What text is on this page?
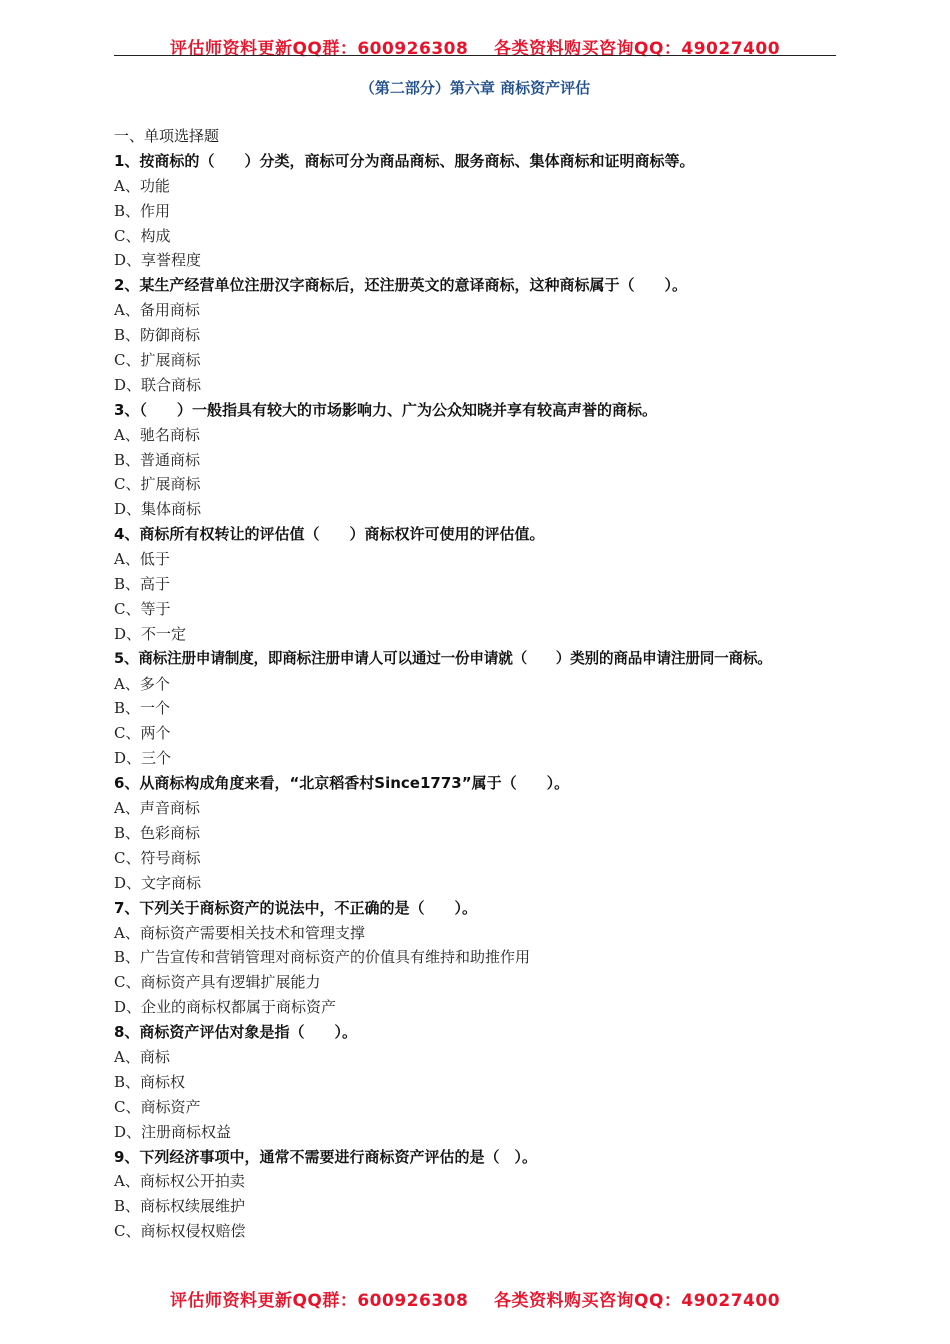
评估师资料更新QQ群：600926308    各类资料购买咨询QQ：49027400
（第二部分）第六章 商标资产评估
一、单项选择题
1、按商标的（　　）分类，商标可分为商品商标、服务商标、集体商标和证明商标等。
A、功能
B、作用
C、构成
D、享誉程度
2、某生产经营单位注册汉字商标后，还注册英文的意译商标，这种商标属于（　　）。
A、备用商标
B、防御商标
C、扩展商标
D、联合商标
3、（　　）一般指具有较大的市场影响力、广为公众知晓并享有较高声誉的商标。
A、驰名商标
B、普通商标
C、扩展商标
D、集体商标
4、商标所有权转让的评估值（　　）商标权许可使用的评估值。
A、低于
B、高于
C、等于
D、不一定
5、商标注册申请制度，即商标注册申请人可以通过一份申请就（　　）类别的商品申请注册同一商标。
A、多个
B、一个
C、两个
D、三个
6、从商标构成角度来看，“北京稻香村Since1773”属于（　　）。
A、声音商标
B、色彩商标
C、符号商标
D、文字商标
7、下列关于商标资产的说法中，不正确的是（　　）。
A、商标资产需要相关技术和管理支撑
B、广告宣传和营销管理对商标资产的价值具有维持和助推作用
C、商标资产具有逻辑扩展能力
D、企业的商标权都属于商标资产
8、商标资产评估对象是指（　　）。
A、商标
B、商标权
C、商标资产
D、注册商标权益
9、下列经济事项中，通常不需要进行商标资产评估的是（　）。
A、商标权公开拍卖
B、商标权续展维护
C、商标权侵权赔偿
评估师资料更新QQ群：600926308    各类资料购买咨询QQ：49027400
